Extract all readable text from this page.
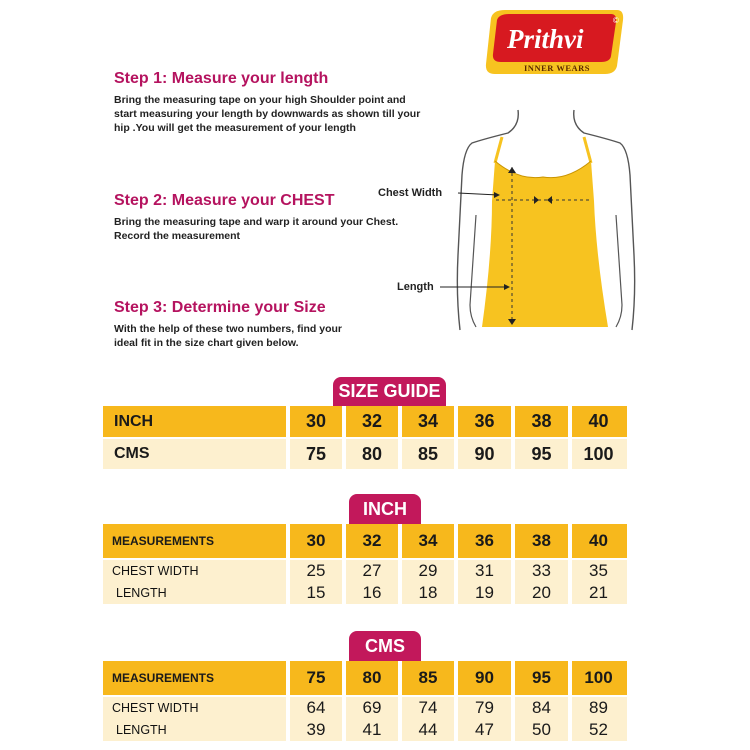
Prithvi
©
INNER WEARS
Step 1: Measure your length
Bring the measuring tape on your high Shoulder point and start measuring your length by downwards as shown till your hip .You will get the measurement of your length
Step 2: Measure your CHEST
Bring the measuring tape and warp it around your Chest. Record the measurement
Step 3: Determine your Size
With the help of these two numbers, find your ideal fit in the size chart given below.
Chest Width
Length
SIZE GUIDE
INCH	30	32	34	36	38	40
CMS	75	80	85	90	95	100
INCH
MEASUREMENTS	30	32	34	36	38	40
CHEST WIDTH	25	27	29	31	33	35
LENGTH	15	16	18	19	20	21
CMS
MEASUREMENTS	75	80	85	90	95	100
CHEST WIDTH	64	69	74	79	84	89
LENGTH	39	41	44	47	50	52
